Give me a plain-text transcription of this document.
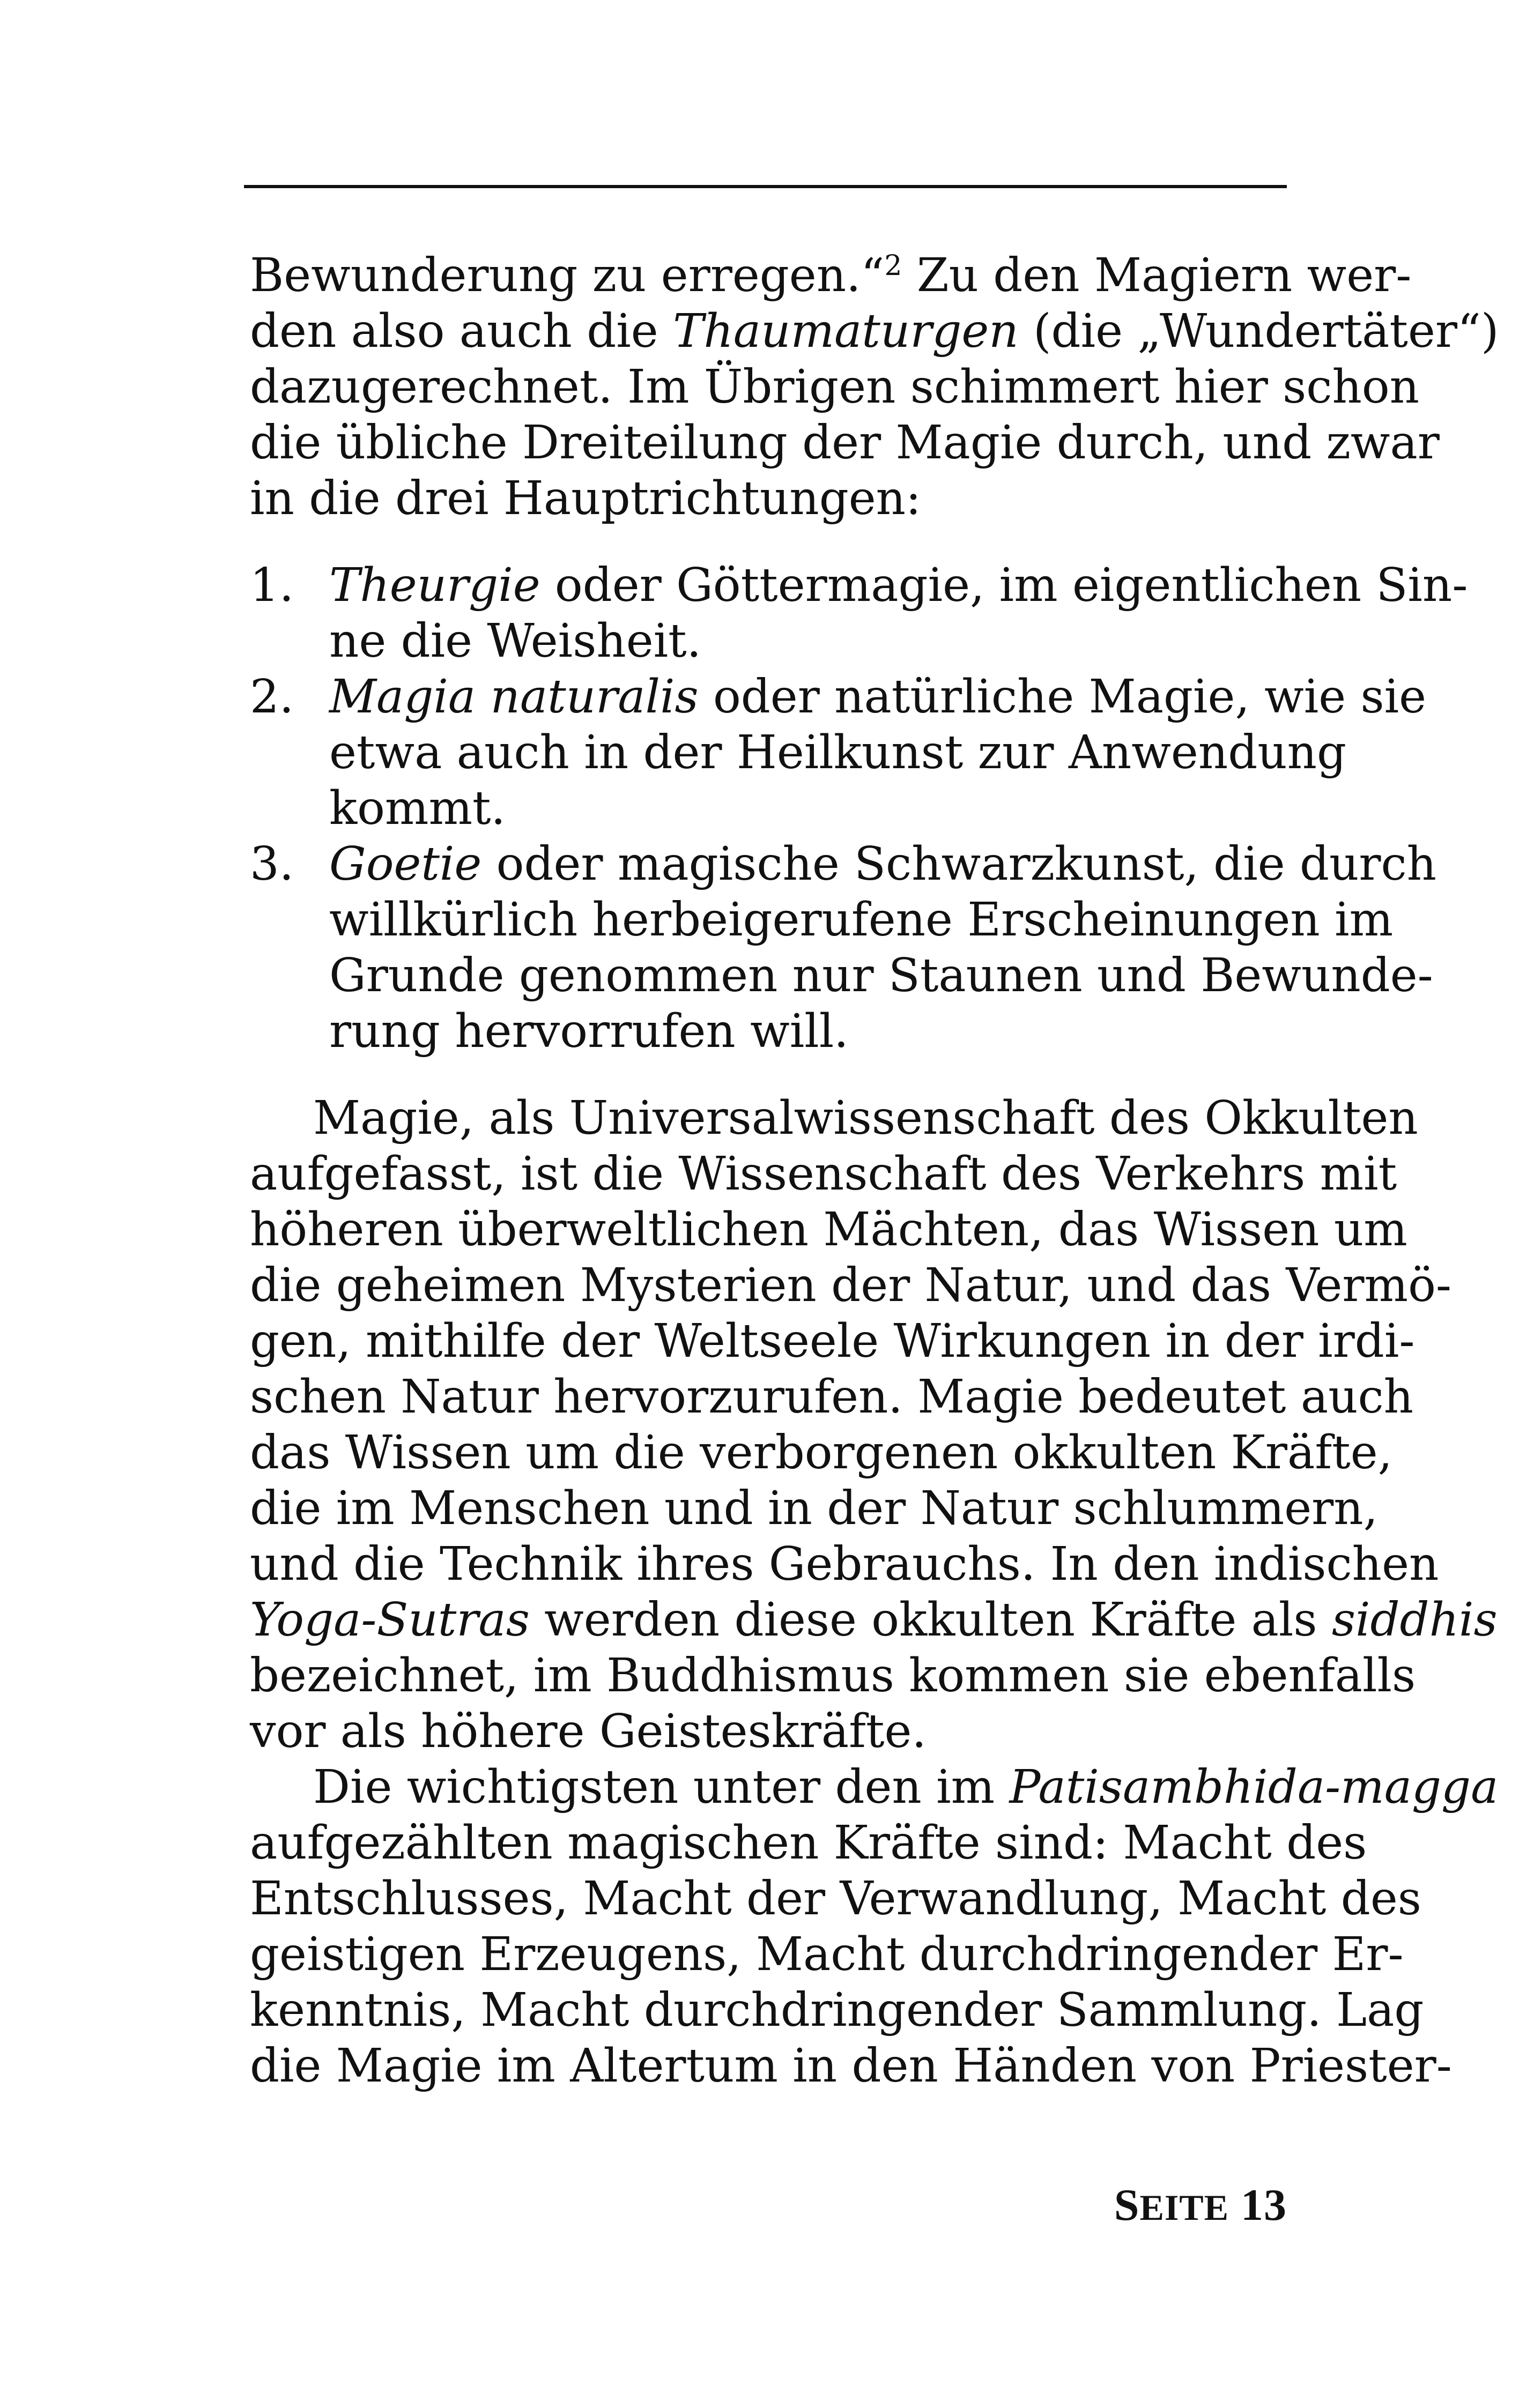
Bewunderung zu erregen.“$^2$ Zu den Magiern wer-
den also auch die Thaumaturgen (die „Wundertäter“)
dazugerechnet. Im Übrigen schimmert hier schon
die übliche Dreiteilung der Magie durch, und zwar
in die drei Hauptrichtungen:
1. Theurgie oder Göttermagie, im eigentlichen Sin-
ne die Weisheit.
2. Magia naturalis oder natürliche Magie, wie sie
etwa auch in der Heilkunst zur Anwendung
kommt.
3. Goetie oder magische Schwarzkunst, die durch
willkürlich herbeigerufene Erscheinungen im
Grunde genommen nur Staunen und Bewunde-
rung hervorrufen will.
Magie, als Universalwissenschaft des Okkulten
aufgefasst, ist die Wissenschaft des Verkehrs mit
höheren überweltlichen Mächten, das Wissen um
die geheimen Mysterien der Natur, und das Vermö-
gen, mithilfe der Weltseele Wirkungen in der irdi-
schen Natur hervorzurufen. Magie bedeutet auch
das Wissen um die verborgenen okkulten Kräfte,
die im Menschen und in der Natur schlummern,
und die Technik ihres Gebrauchs. In den indischen
Yoga-Sutras werden diese okkulten Kräfte als siddhis
bezeichnet, im Buddhismus kommen sie ebenfalls
vor als höhere Geisteskräfte.
Die wichtigsten unter den im Patisambhida-magga
aufgezählten magischen Kräfte sind: Macht des
Entschlusses, Macht der Verwandlung, Macht des
geistigen Erzeugens, Macht durchdringender Er-
kenntnis, Macht durchdringender Sammlung. Lag
die Magie im Altertum in den Händen von Priester-
SEITE 13
